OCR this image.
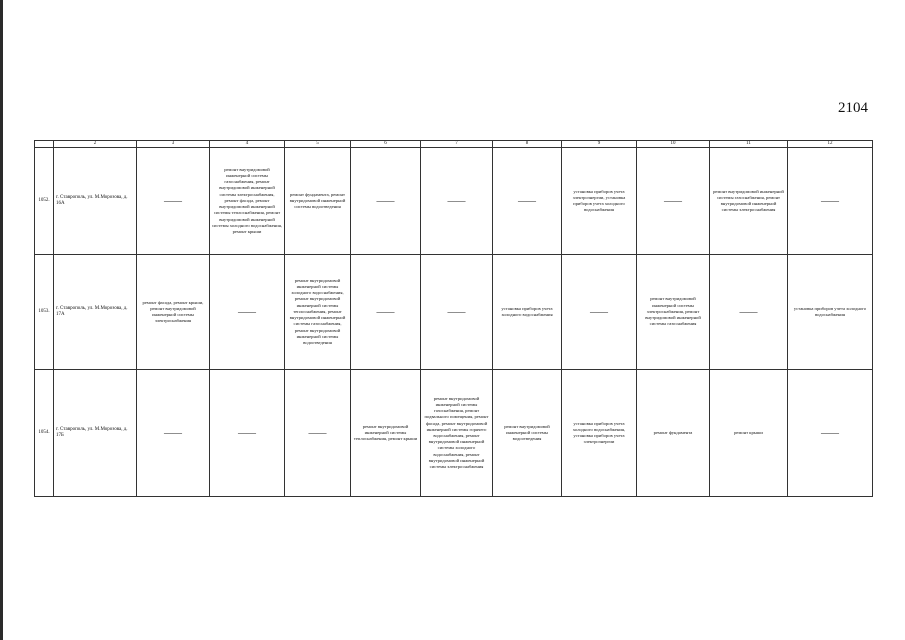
2104
	2	3	4	5	6	7	8	9	10	11	12
1052.	г. Ставрополь, ул. М.Морозова, д. 16А	——	ремонт внутридомовой инженерной системы газоснабжения, ремонт внутридомовой инженерной системы электроснабжения, ремонт фасада, ремонт внутридомовой инженерной системы теплоснабжения, ремонт внутридомовой инженерной системы холодного водоснабжения, ремонт крыши	ремонт фундамента, ремонт внутридомовой инженерной системы водоотведения	——	——	——	установка приборов учета электроэнергии, установка приборов учета холодного водоснабжения	——	ремонт внутридомовой инженерной системы газоснабжения, ремонт внутридомовой инженерной системы электроснабжения	——
1053.	г. Ставрополь, ул. М.Морозова, д. 17А	ремонт фасада, ремонт крыши, ремонт внутридомовой инженерной системы электроснабжения	——	ремонт внутридомовой инженерной системы холодного водоснабжения, ремонт внутридомовой инженерной системы теплоснабжения, ремонт внутридомовой инженерной системы газоснабжения, ремонт внутридомовой инженерной системы водоотведения	——	——	установка приборов учета холодного водоснабжения	——	ремонт внутридомовой инженерной системы электроснабжения, ремонт внутридомовой инженерной системы газоснабжения	——	установка приборов учета холодного водоснабжения
1054.	г. Ставрополь, ул. М.Морозова, д. 17Б	——	——	——	ремонт внутридомовой инженерной системы теплоснабжения, ремонт крыши	ремонт внутридомовой инженерной системы газоснабжения, ремонт подвального помещения, ремонт фасада, ремонт внутридомовой инженерной системы горячего водоснабжения, ремонт внутридомовой инженерной системы холодного водоснабжения, ремонт внутридомовой инженерной системы электроснабжения	ремонт внутридомовой инженерной системы водоотведения	установка приборов учета холодного водоснабжения, установка приборов учета электроэнергии	ремонт фундамента	ремонт крыши	——
